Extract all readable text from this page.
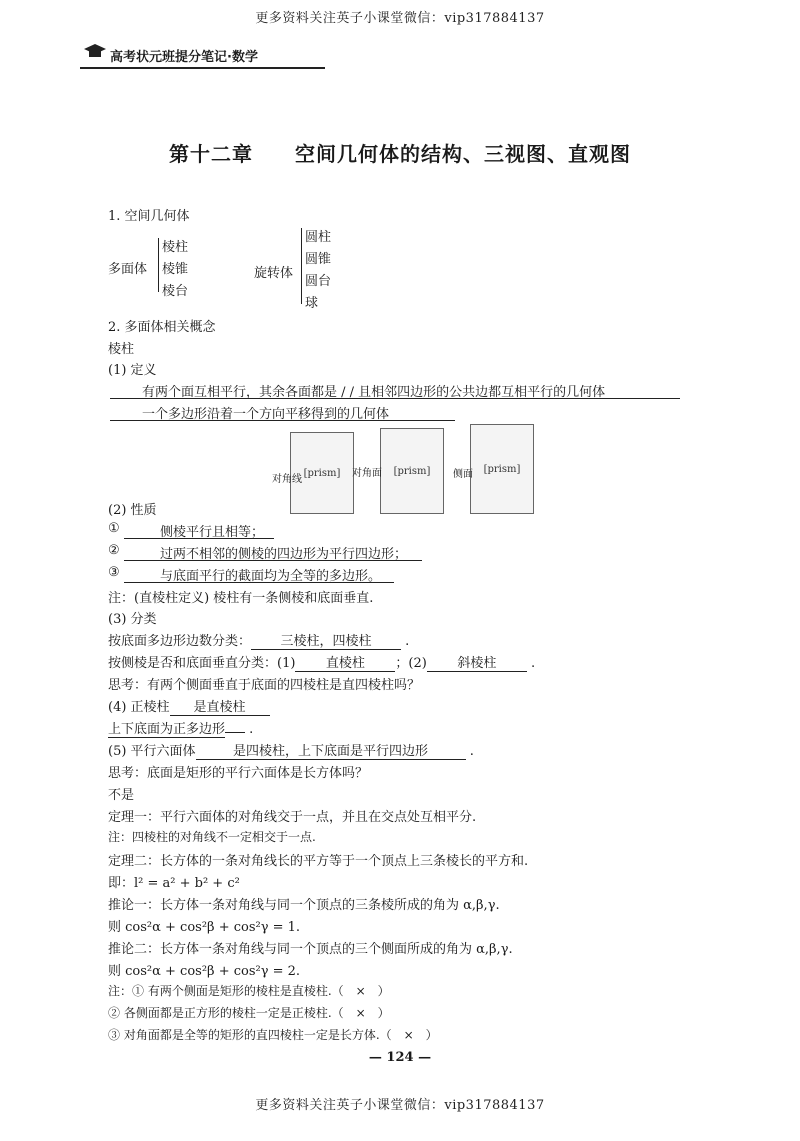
更多资料关注英子小课堂微信：vip317884137
更多资料关注英子小课堂微信：vip317884137
高考状元班提分笔记·数学
第十二章　　空间几何体的结构、三视图、直观图
1. 空间几何体
多面体
棱柱
棱锥
棱台
旋转体
圆柱
圆锥
圆台
球
2. 多面体相关概念
棱柱
(1) 定义
有两个面互相平行，其余各面都是 / / 且相邻四边形的公共边都互相平行的几何体
一个多边形沿着一个方向平移得到的几何体
[prism]	[prism]	[prism]
对角线
对角面	侧面
(2) 性质
①	侧棱平行且相等；
②	过两不相邻的侧棱的四边形为平行四边形；
③	与底面平行的截面均为全等的多边形。
注：(直棱柱定义) 棱柱有一条侧棱和底面垂直.
(3) 分类
按底面多边形边数分类： 三棱柱，四棱柱 .
按侧棱是否和底面垂直分类：(1) 直棱柱 ；(2) 斜棱柱 .
思考：有两个侧面垂直于底面的四棱柱是直四棱柱吗？
(4) 正棱柱 是直棱柱
上下底面为正多边形 .
(5) 平行六面体	是四棱柱，上下底面是平行四边形	.
思考：底面是矩形的平行六面体是长方体吗？
不是
定理一：平行六面体的对角线交于一点，并且在交点处互相平分.
注：四棱柱的对角线不一定相交于一点.
定理二：长方体的一条对角线长的平方等于一个顶点上三条棱长的平方和.
即：l² = a² + b² + c²
推论一：长方体一条对角线与同一个顶点的三条棱所成的角为 α,β,γ.
则 cos²α + cos²β + cos²γ = 1.
推论二：长方体一条对角线与同一个顶点的三个侧面所成的角为 α,β,γ.
则 cos²α + cos²β + cos²γ = 2.
注：① 有两个侧面是矩形的棱柱是直棱柱.（　×　）
② 各侧面都是正方形的棱柱一定是正棱柱.（　×　）
③ 对角面都是全等的矩形的直四棱柱一定是长方体.（　×　）
— 124 —
